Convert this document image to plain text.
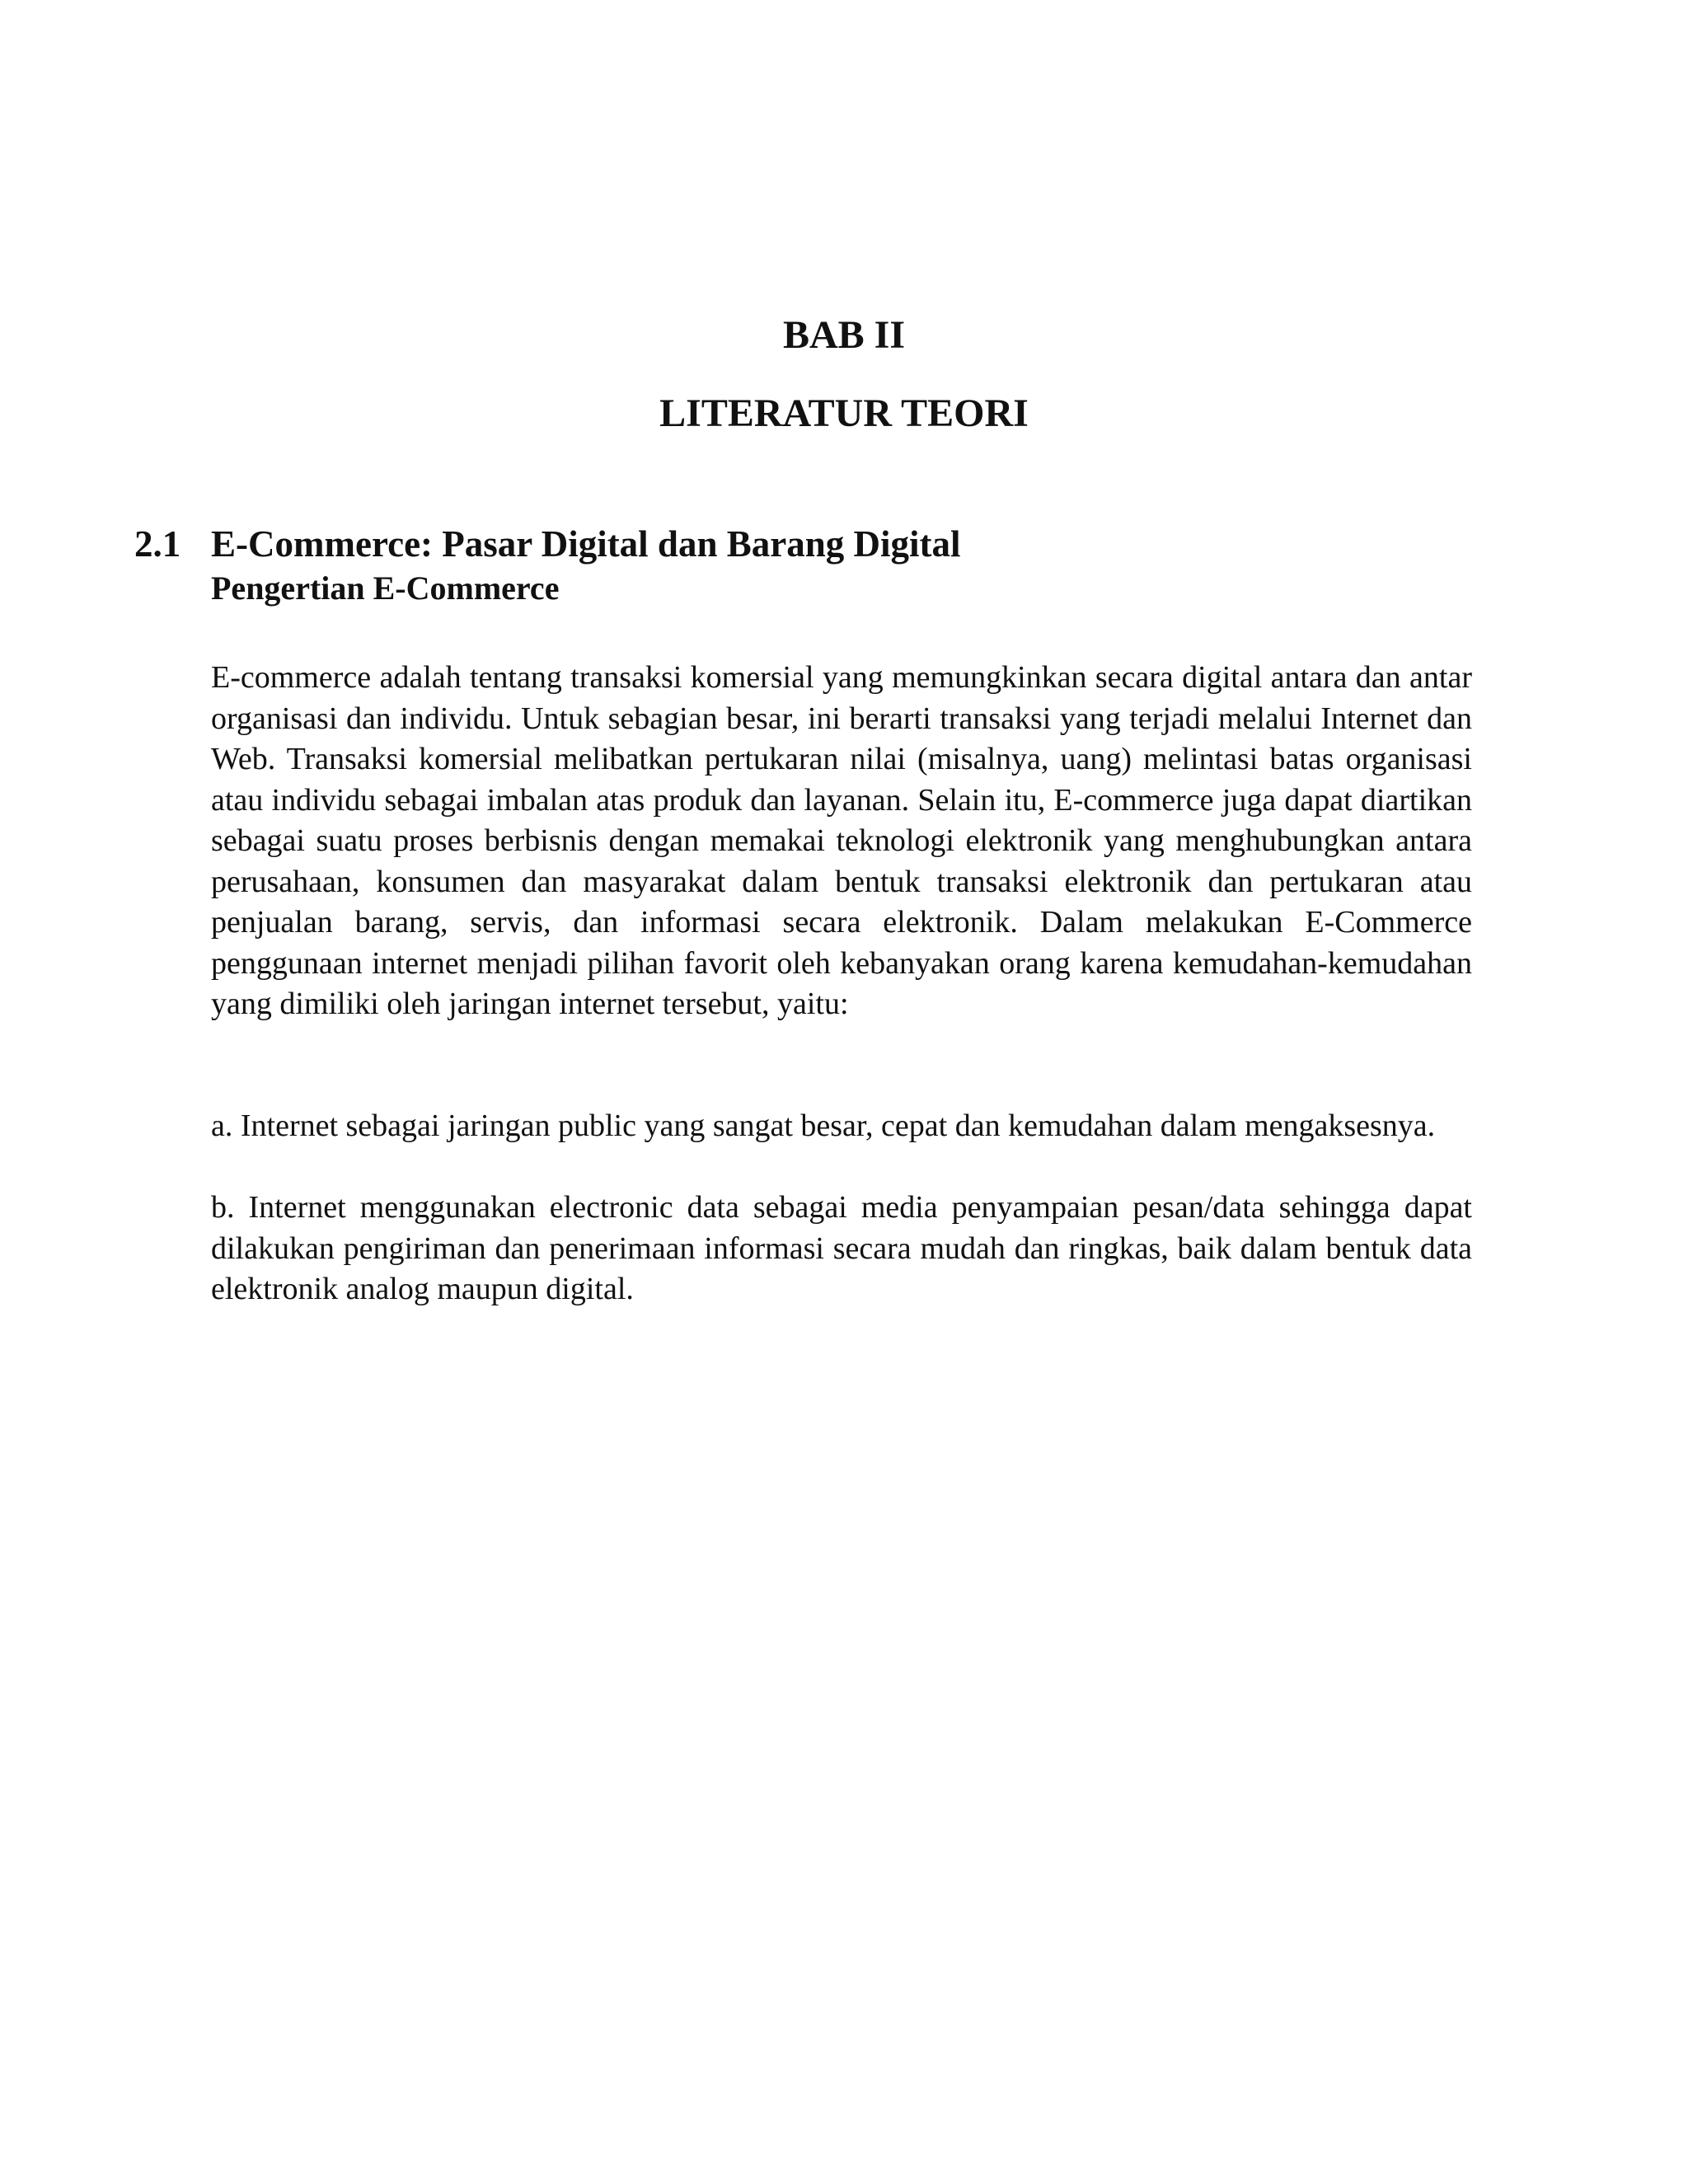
BAB II
LITERATUR TEORI
2.1 E-Commerce: Pasar Digital dan Barang Digital
Pengertian E-Commerce

E-commerce adalah tentang transaksi komersial yang memungkinkan secara digital antara dan antar organisasi dan individu. Untuk sebagian besar, ini berarti transaksi yang terjadi melalui Internet dan Web. Transaksi komersial melibatkan pertukaran nilai (misalnya, uang) melintasi batas organisasi atau individu sebagai imbalan atas produk dan layanan. Selain itu, E-commerce juga dapat diartikan sebagai suatu proses berbisnis dengan memakai teknologi elektronik yang menghubungkan antara perusahaan, konsumen dan masyarakat dalam bentuk transaksi elektronik dan pertukaran atau penjualan barang, servis, dan informasi secara elektronik. Dalam melakukan E-Commerce penggunaan internet menjadi pilihan favorit oleh kebanyakan orang karena kemudahan-kemudahan yang dimiliki oleh jaringan internet tersebut, yaitu:

a. Internet sebagai jaringan public yang sangat besar, cepat dan kemudahan dalam mengaksesnya.

b. Internet menggunakan electronic data sebagai media penyampaian pesan/data sehingga dapat dilakukan pengiriman dan penerimaan informasi secara mudah dan ringkas, baik dalam bentuk data elektronik analog maupun digital.
